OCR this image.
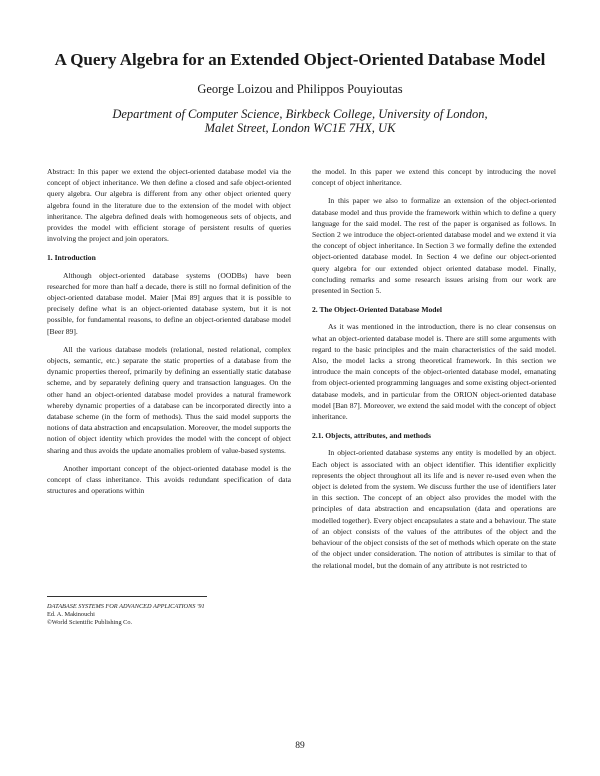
A Query Algebra for an Extended Object-Oriented Database Model
George Loizou and Philippos Pouyioutas
Department of Computer Science, Birkbeck College, University of London,
Malet Street, London WC1E 7HX, UK

Abstract: In this paper we extend the object-oriented database model via the concept of object inheritance. We then define a closed and safe object-oriented query algebra. Our algebra is different from any other object oriented query algebra found in the literature due to the extension of the model with object inheritance. The algebra defined deals with homogeneous sets of objects, and provides the model with efficient storage of persistent results of queries involving the project and join operators.

1. Introduction

Although object-oriented database systems (OODBs) have been researched for more than half a decade, there is still no formal definition of the object-oriented database model. Maier [Mai 89] argues that it is possible to precisely define what is an object-oriented database system, but it is not possible, for fundamental reasons, to define an object-oriented database model [Beer 89].

All the various database models (relational, nested relational, complex objects, semantic, etc.) separate the static properties of a database from the dynamic properties thereof, primarily by defining an essentially static database scheme, and by separately defining query and transaction languages. On the other hand an object-oriented database model provides a natural framework whereby dynamic properties of a database can be incorporated directly into a database scheme (in the form of methods). Thus the said model supports the notions of data abstraction and encapsulation. Moreover, the model supports the notion of object identity which provides the model with the concept of object sharing and thus avoids the update anomalies problem of value-based systems.

Another important concept of the object-oriented database model is the concept of class inheritance. This avoids redundant specification of data structures and operations within

the model. In this paper we extend this concept by introducing the novel concept of object inheritance.

In this paper we also to formalize an extension of the object-oriented database model and thus provide the framework within which to define a query language for the said model. The rest of the paper is organised as follows. In Section 2 we introduce the object-oriented database model and we extend it via the concept of object inheritance. In Section 3 we formally define the extended object-oriented database model. In Section 4 we define our object-oriented query algebra for our extended object oriented database model. Finally, concluding remarks and some research issues arising from our work are presented in Section 5.

2. The Object-Oriented Database Model

As it was mentioned in the introduction, there is no clear consensus on what an object-oriented database model is. There are still some arguments with regard to the basic principles and the main characteristics of the said model. Also, the model lacks a strong theoretical framework. In this section we introduce the main concepts of the object-oriented database model, emanating from object-oriented programming languages and some existing object-oriented database models, and in particular from the ORION object-oriented database model [Ban 87]. Moreover, we extend the said model with the concept of object inheritance.

2.1. Objects, attributes, and methods

In object-oriented database systems any entity is modelled by an object. Each object is associated with an object identifier. This identifier explicitly represents the object throughout all its life and is never re-used even when the object is deleted from the system. We discuss further the use of identifiers later in this section. The concept of an object also provides the model with the principles of data abstraction and encapsulation (data and operations are modelled together). Every object encapsulates a state and a behaviour. The state of an object consists of the values of the attributes of the object and the behaviour of the object consists of the set of methods which operate on the state of the object under consideration. The notion of attributes is similar to that of the relational model, but the domain of any attribute is not restricted to

DATABASE SYSTEMS FOR ADVANCED APPLICATIONS '91
Ed. A. Makinouchi
©World Scientific Publishing Co.
89
